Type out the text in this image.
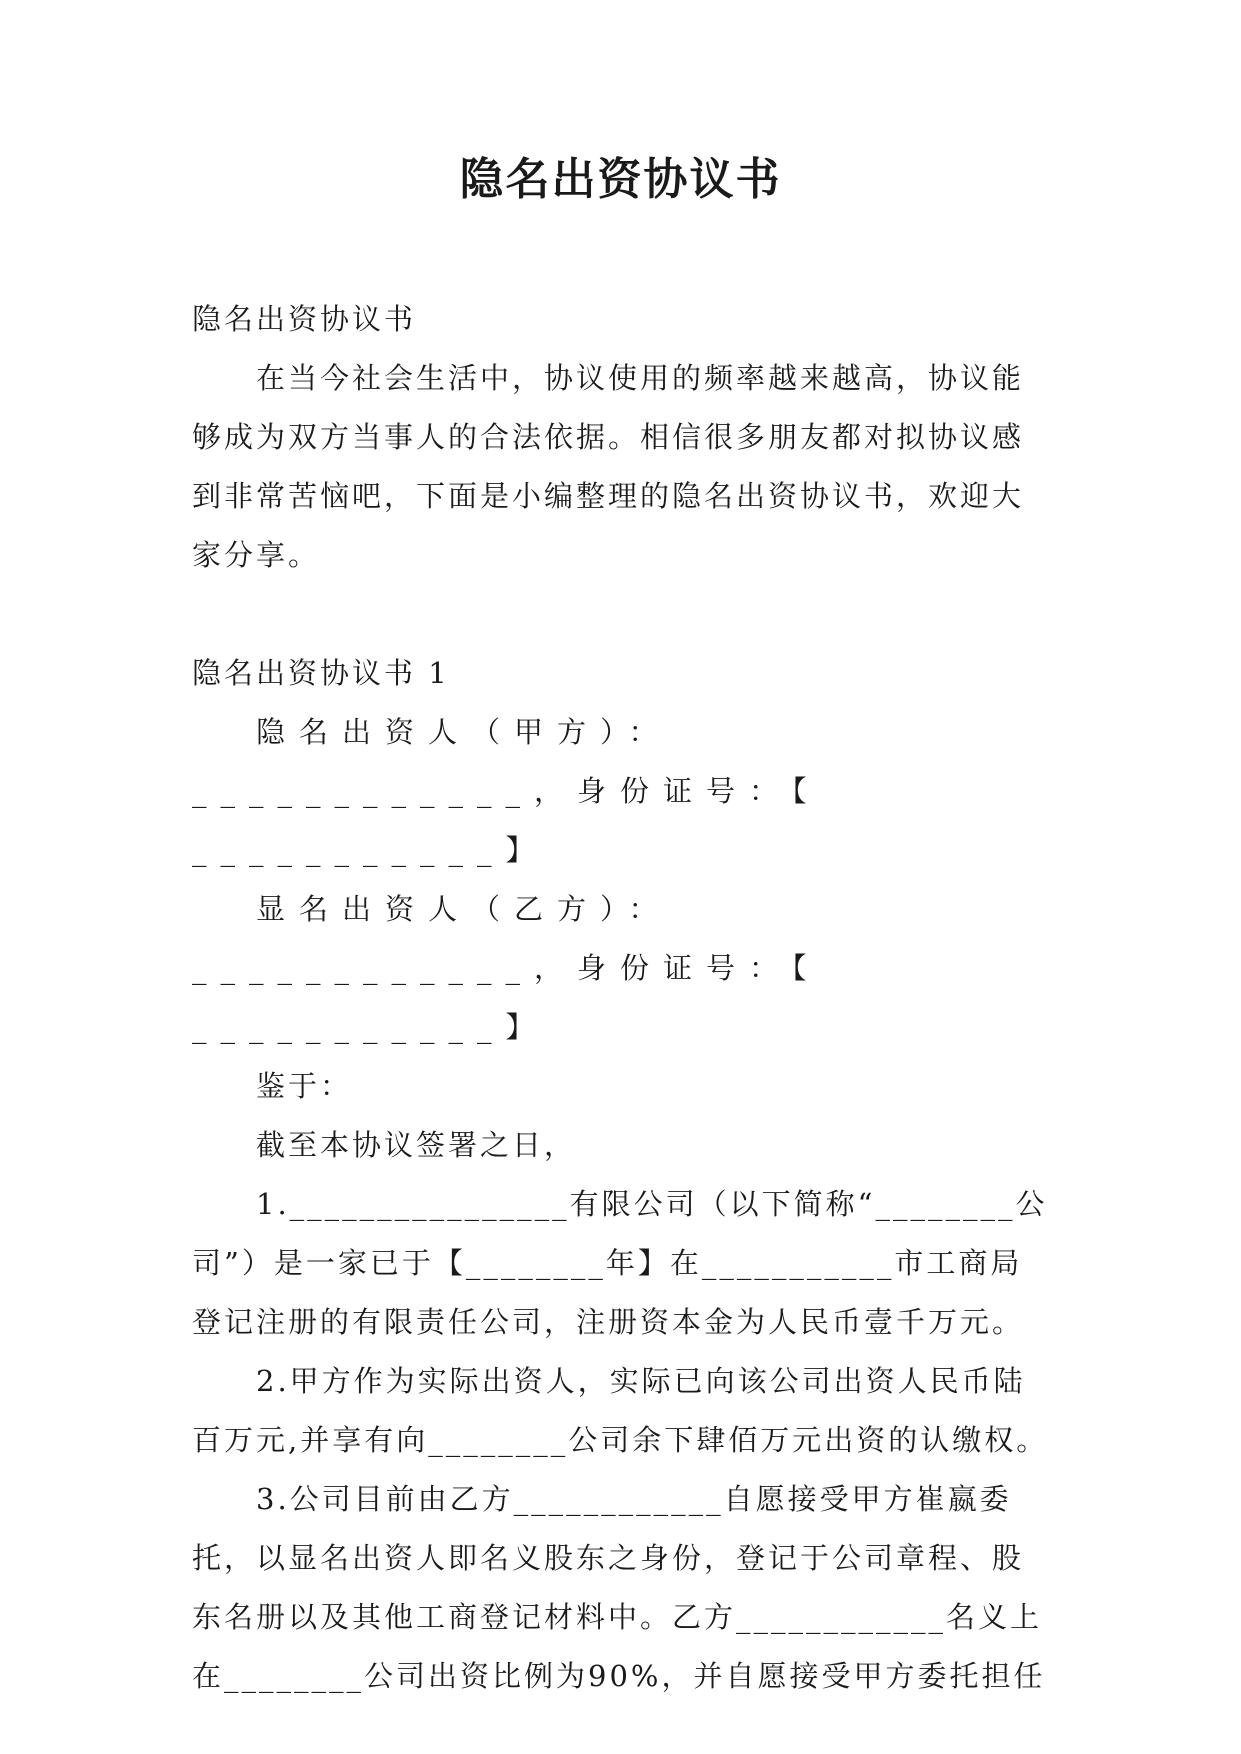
隐名出资协议书

隐名出资协议书

在当今社会生活中，协议使用的频率越来越高，协议能够成为双方当事人的合法依据。相信很多朋友都对拟协议感到非常苦恼吧，下面是小编整理的隐名出资协议书，欢迎大家分享。

隐名出资协议书 1

隐名出资人（甲方）：____________，身份证号：【 ___________】

显名出资人（乙方）：____________，身份证号：【 ___________】

鉴于：

截至本协议签署之日，

1.________________有限公司（以下简称“________公司”）是一家已于【________年】在___________市工商局登记注册的有限责任公司，注册资本金为人民币壹千万元。

2.甲方作为实际出资人，实际已向该公司出资人民币陆百万元,并享有向________公司余下肆佰万元出资的认缴权。

3.公司目前由乙方____________自愿接受甲方崔嬴委托，以显名出资人即名义股东之身份，登记于公司章程、股东名册以及其他工商登记材料中。乙方____________名义上在________公司出资比例为90%，并自愿接受甲方委托担任
